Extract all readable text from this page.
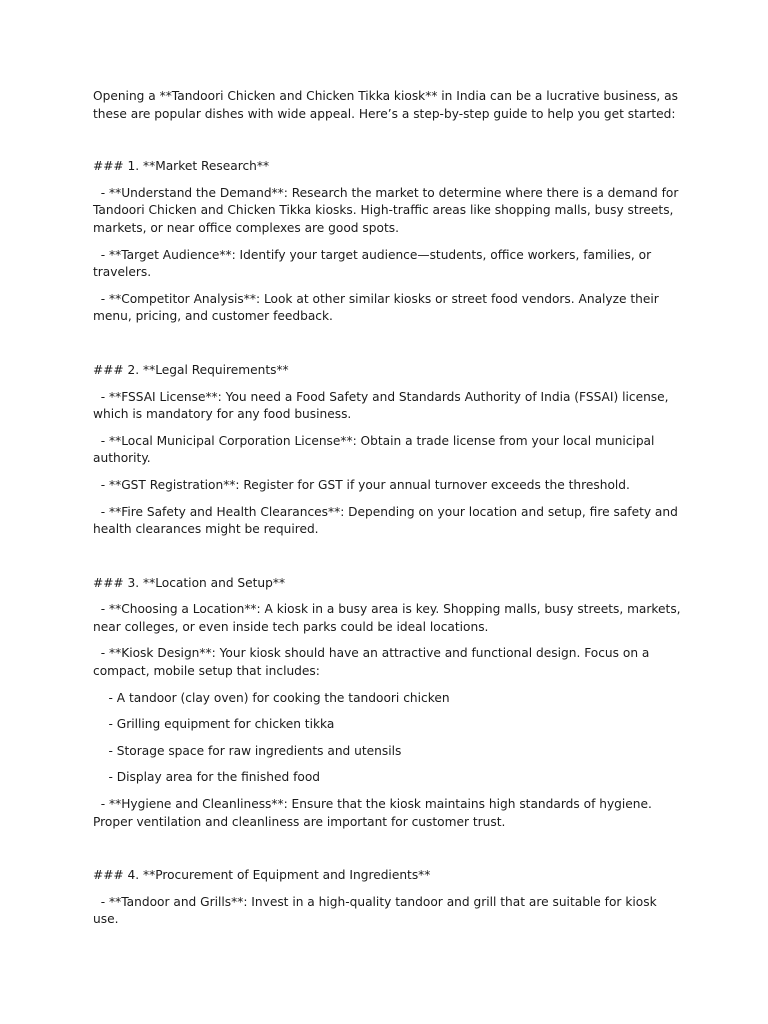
Opening a **Tandoori Chicken and Chicken Tikka kiosk** in India can be a lucrative business, as these are popular dishes with wide appeal. Here’s a step-by-step guide to help you get started:

### 1. **Market Research**

- **Understand the Demand**: Research the market to determine where there is a demand for Tandoori Chicken and Chicken Tikka kiosks. High-traffic areas like shopping malls, busy streets, markets, or near office complexes are good spots.

- **Target Audience**: Identify your target audience—students, office workers, families, or travelers.

- **Competitor Analysis**: Look at other similar kiosks or street food vendors. Analyze their menu, pricing, and customer feedback.

### 2. **Legal Requirements**

- **FSSAI License**: You need a Food Safety and Standards Authority of India (FSSAI) license, which is mandatory for any food business.

- **Local Municipal Corporation License**: Obtain a trade license from your local municipal authority.

- **GST Registration**: Register for GST if your annual turnover exceeds the threshold.

- **Fire Safety and Health Clearances**: Depending on your location and setup, fire safety and health clearances might be required.

### 3. **Location and Setup**

- **Choosing a Location**: A kiosk in a busy area is key. Shopping malls, busy streets, markets, near colleges, or even inside tech parks could be ideal locations.

- **Kiosk Design**: Your kiosk should have an attractive and functional design. Focus on a compact, mobile setup that includes:

- A tandoor (clay oven) for cooking the tandoori chicken

- Grilling equipment for chicken tikka

- Storage space for raw ingredients and utensils

- Display area for the finished food

- **Hygiene and Cleanliness**: Ensure that the kiosk maintains high standards of hygiene. Proper ventilation and cleanliness are important for customer trust.

### 4. **Procurement of Equipment and Ingredients**

- **Tandoor and Grills**: Invest in a high-quality tandoor and grill that are suitable for kiosk use.
